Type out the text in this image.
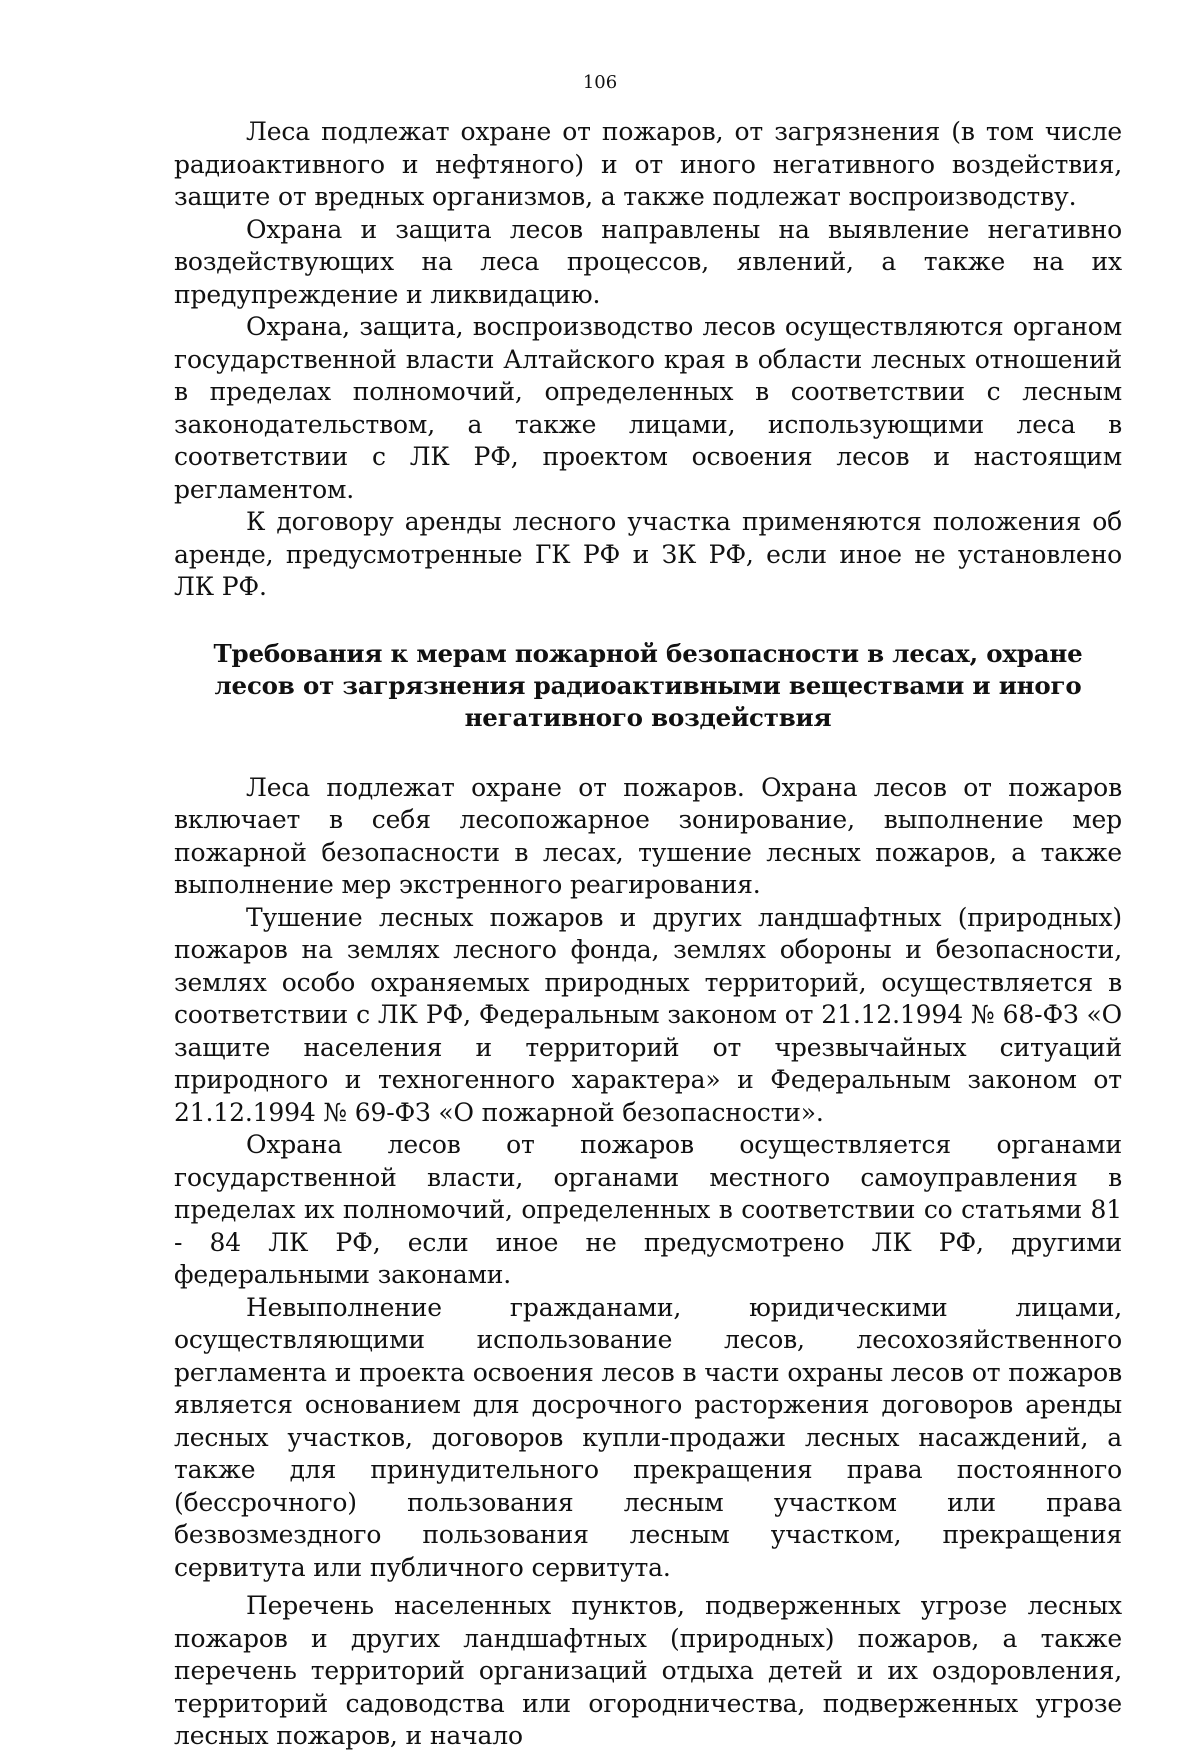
106

Леса подлежат охране от пожаров, от загрязнения (в том числе радиоактивного и нефтяного) и от иного негативного воздействия, защите от вредных организмов, а также подлежат воспроизводству.

Охрана и защита лесов направлены на выявление негативно воздействующих на леса процессов, явлений, а также на их предупреждение и ликвидацию.

Охрана, защита, воспроизводство лесов осуществляются органом государственной власти Алтайского края в области лесных отношений в пределах полномочий, определенных в соответствии с лесным законодательством, а также лицами, использующими леса в соответствии с ЛК РФ, проектом освоения лесов и настоящим регламентом.

К договору аренды лесного участка применяются положения об аренде, предусмотренные ГК РФ и ЗК РФ, если иное не установлено ЛК РФ.

Требования к мерам пожарной безопасности в лесах, охране лесов от загрязнения радиоактивными веществами и иного негативного воздействия

Леса подлежат охране от пожаров. Охрана лесов от пожаров включает в себя лесопожарное зонирование, выполнение мер пожарной безопасности в лесах, тушение лесных пожаров, а также выполнение мер экстренного реагирования.

Тушение лесных пожаров и других ландшафтных (природных) пожаров на землях лесного фонда, землях обороны и безопасности, землях особо охраняемых природных территорий, осуществляется в соответствии с ЛК РФ, Федеральным законом от 21.12.1994 № 68-ФЗ «О защите населения и территорий от чрезвычайных ситуаций природного и техногенного характера» и Федеральным законом от 21.12.1994 № 69-ФЗ «О пожарной безопасности».

Охрана лесов от пожаров осуществляется органами государственной власти, органами местного самоуправления в пределах их полномочий, определенных в соответствии со статьями 81 - 84 ЛК РФ, если иное не предусмотрено ЛК РФ, другими федеральными законами.

Невыполнение гражданами, юридическими лицами, осуществляющими использование лесов, лесохозяйственного регламента и проекта освоения лесов в части охраны лесов от пожаров является основанием для досрочного расторжения договоров аренды лесных участков, договоров купли-продажи лесных насаждений, а также для принудительного прекращения права постоянного (бессрочного) пользования лесным участком или права безвозмездного пользования лесным участком, прекращения сервитута или публичного сервитута.

Перечень населенных пунктов, подверженных угрозе лесных пожаров и других ландшафтных (природных) пожаров, а также перечень территорий организаций отдыха детей и их оздоровления, территорий садоводства или огородничества, подверженных угрозе лесных пожаров, и начало
